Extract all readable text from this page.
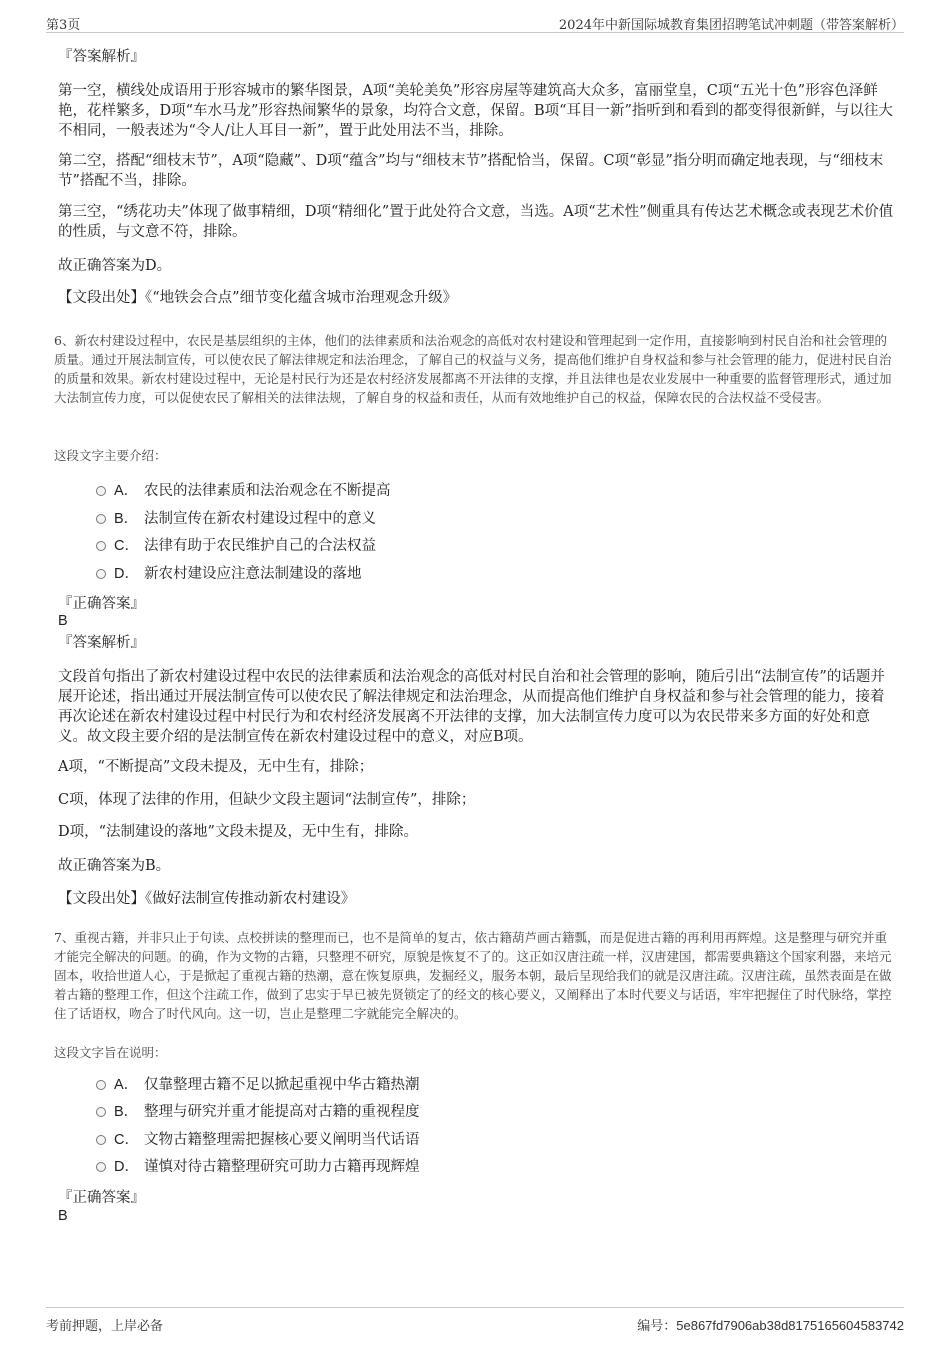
第3页	2024年中新国际城教育集团招聘笔试冲刺题（带答案解析）
『答案解析』

第一空，横线处成语用于形容城市的繁华图景，A项“美轮美奂”形容房屋等建筑高大众多，富丽堂皇，C项“五光十色”形容色泽鲜艳，花样繁多，D项“车水马龙”形容热闹繁华的景象，均符合文意，保留。B项“耳目一新”指听到和看到的都变得很新鲜，与以往大不相同，一般表述为“令人/让人耳目一新”，置于此处用法不当，排除。

第二空，搭配“细枝末节”，A项“隐藏”、D项“蕴含”均与“细枝末节”搭配恰当，保留。C项“彰显”指分明而确定地表现，与“细枝末节”搭配不当，排除。

第三空，“绣花功夫”体现了做事精细，D项“精细化”置于此处符合文意，当选。A项“艺术性”侧重具有传达艺术概念或表现艺术价值的性质，与文意不符，排除。

故正确答案为D。

【文段出处】《“地铁会合点”细节变化蕴含城市治理观念升级》

6、新农村建设过程中，农民是基层组织的主体，他们的法律素质和法治观念的高低对农村建设和管理起到一定作用，直接影响到村民自治和社会管理的质量。通过开展法制宣传，可以使农民了解法律规定和法治理念，了解自己的权益与义务，提高他们维护自身权益和参与社会管理的能力，促进村民自治的质量和效果。新农村建设过程中，无论是村民行为还是农村经济发展都离不开法律的支撑，并且法律也是农业发展中一种重要的监督管理形式，通过加大法制宣传力度，可以促使农民了解相关的法律法规，了解自身的权益和责任，从而有效地维护自己的权益，保障农民的合法权益不受侵害。

这段文字主要介绍：

A． 农民的法律素质和法治观念在不断提高
B． 法制宣传在新农村建设过程中的意义
C． 法律有助于农民维护自己的合法权益
D． 新农村建设应注意法制建设的落地
『正确答案』
B
『答案解析』

文段首句指出了新农村建设过程中农民的法律素质和法治观念的高低对村民自治和社会管理的影响，随后引出“法制宣传”的话题并展开论述，指出通过开展法制宣传可以使农民了解法律规定和法治理念，从而提高他们维护自身权益和参与社会管理的能力，接着再次论述在新农村建设过程中村民行为和农村经济发展离不开法律的支撑，加大法制宣传力度可以为农民带来多方面的好处和意义。故文段主要介绍的是法制宣传在新农村建设过程中的意义，对应B项。

A项，“不断提高”文段未提及，无中生有，排除；

C项，体现了法律的作用，但缺少文段主题词“法制宣传”，排除；

D项，“法制建设的落地”文段未提及，无中生有，排除。

故正确答案为B。

【文段出处】《做好法制宣传推动新农村建设》

7、重视古籍，并非只止于句读、点校拼读的整理而已，也不是简单的复古，依古籍葫芦画古籍瓢，而是促进古籍的再利用再辉煌。这是整理与研究并重才能完全解决的问题。的确，作为文物的古籍，只整理不研究，原貌是恢复不了的。这正如汉唐注疏一样，汉唐建国，都需要典籍这个国家利器，来培元固本，收拾世道人心，于是掀起了重视古籍的热潮，意在恢复原典，发掘经义，服务本朝，最后呈现给我们的就是汉唐注疏。汉唐注疏，虽然表面是在做着古籍的整理工作，但这个注疏工作，做到了忠实于早已被先贤锁定了的经文的核心要义，又阐释出了本时代要义与话语，牢牢把握住了时代脉络，掌控住了话语权，吻合了时代风向。这一切，岂止是整理二字就能完全解决的。

这段文字旨在说明：

A． 仅靠整理古籍不足以掀起重视中华古籍热潮
B． 整理与研究并重才能提高对古籍的重视程度
C． 文物古籍整理需把握核心要义阐明当代话语
D． 谨慎对待古籍整理研究可助力古籍再现辉煌
『正确答案』
B
考前押题，上岸必备	编号：5e867fd7906ab38d8175165604583742
